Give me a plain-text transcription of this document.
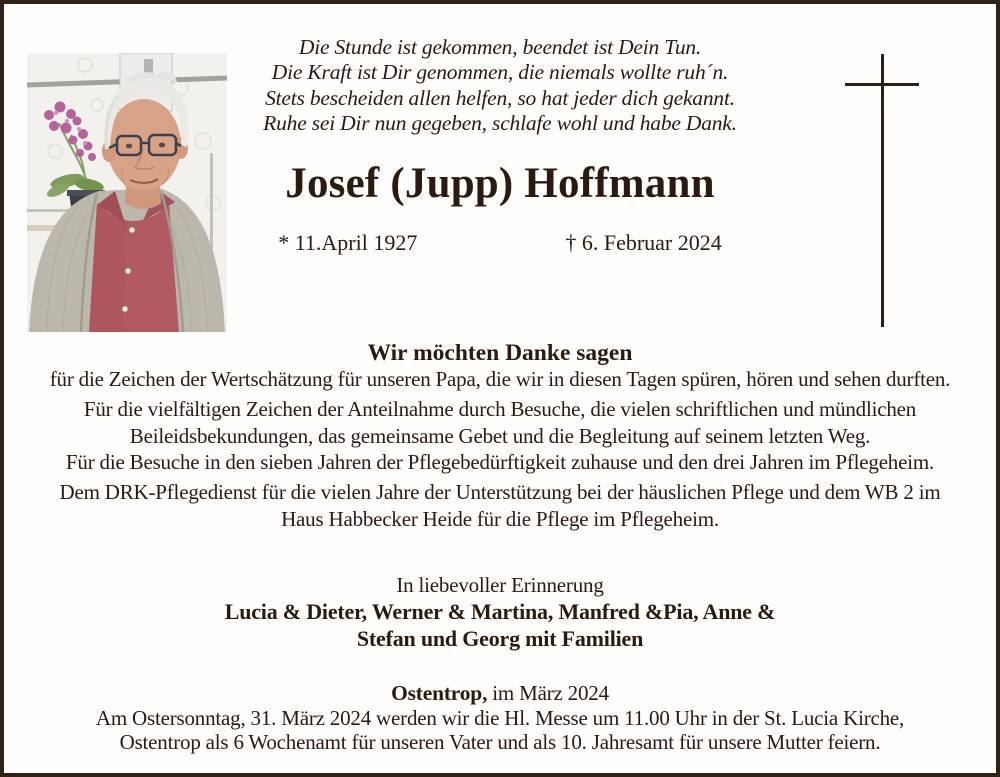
Die Stunde ist gekommen, beendet ist Dein Tun.
Die Kraft ist Dir genommen, die niemals wollte ruh´n.
Stets bescheiden allen helfen, so hat jeder dich gekannt.
Ruhe sei Dir nun gegeben, schlafe wohl und habe Dank.
Josef (Jupp) Hoffmann
* 11.April 1927	† 6. Februar 2024
Wir möchten Danke sagen
für die Zeichen der Wertschätzung für unseren Papa, die wir in diesen Tagen spüren, hören und sehen durften.
Für die vielfältigen Zeichen der Anteilnahme durch Besuche, die vielen schriftlichen und mündlichen
Beileidsbekundungen, das gemeinsame Gebet und die Begleitung auf seinem letzten Weg.
Für die Besuche in den sieben Jahren der Pflegebedürftigkeit zuhause und den drei Jahren im Pflegeheim.
Dem DRK-Pflegedienst für die vielen Jahre der Unterstützung bei der häuslichen Pflege und dem WB 2 im
Haus Habbecker Heide für die Pflege im Pflegeheim.
In liebevoller Erinnerung
Lucia & Dieter, Werner & Martina, Manfred &Pia, Anne &
Stefan und Georg mit Familien
Ostentrop, im März 2024
Am Ostersonntag, 31. März 2024 werden wir die Hl. Messe um 11.00 Uhr in der St. Lucia Kirche,
Ostentrop als 6 Wochenamt für unseren Vater und als 10. Jahresamt für unsere Mutter feiern.
